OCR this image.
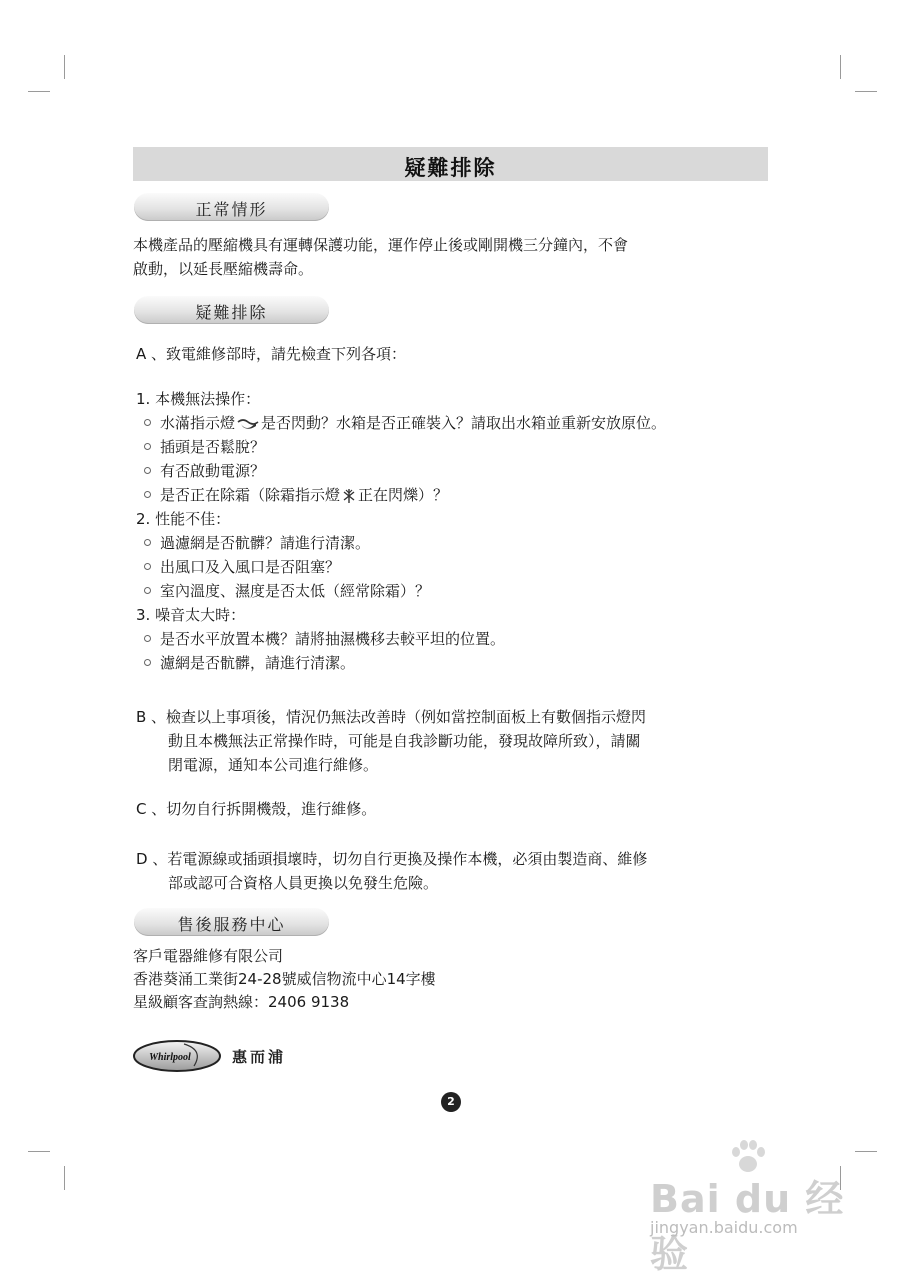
疑難排除
正常情形
本機產品的壓縮機具有運轉保護功能，運作停止後或剛開機三分鐘內，不會
啟動，以延長壓縮機壽命。
疑難排除
A 、致電維修部時，請先檢查下列各項：
1. 本機無法操作：
水滿指示燈 是否閃動？水箱是否正確裝入？請取出水箱並重新安放原位。
插頭是否鬆脫？
有否啟動電源？
是否正在除霜（除霜指示燈 正在閃爍）？
2. 性能不佳：
過濾網是否骯髒？請進行清潔。
出風口及入風口是否阻塞？
室內溫度、濕度是否太低（經常除霜）？
3. 噪音太大時：
是否水平放置本機？請將抽濕機移去較平坦的位置。
濾網是否骯髒，請進行清潔。
B 、檢查以上事項後，情況仍無法改善時（例如當控制面板上有數個指示燈閃
動且本機無法正常操作時，可能是自我診斷功能，發現故障所致），請關
閉電源，通知本公司進行維修。
C 、切勿自行拆開機殼，進行維修。
D 、若電源線或插頭損壞時，切勿自行更換及操作本機，必須由製造商、維修
部或認可合資格人員更換以免發生危險。
售後服務中心
客戶電器維修有限公司
香港葵涌工業街24-28號威信物流中心14字樓
星級顧客查詢熱線：2406 9138
Whirlpool	惠而浦
2
Bai du 经验
jingyan.baidu.com
